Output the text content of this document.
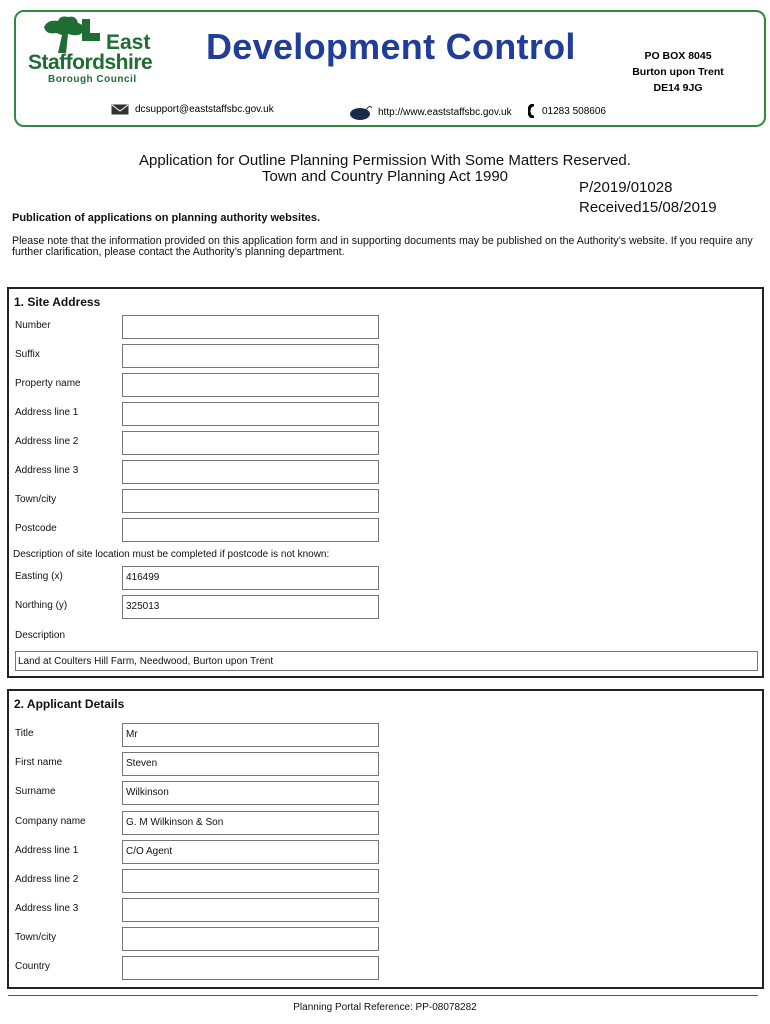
East
Staffordshire
Borough Council
Development Control	PO BOX 8045
Burton upon Trent
DE14 9JG
dcsupport@eaststaffsbc.gov.uk	http://www.eaststaffsbc.gov.uk	01283 508606
Application for Outline Planning Permission With Some Matters Reserved.
Town and Country Planning Act 1990
P/2019/01028
Received15/08/2019
Publication of applications on planning authority websites.
Please note that the information provided on this application form and in supporting documents may be published on the Authority’s website. If you require any further clarification, please contact the Authority’s planning department.
1. Site Address
Number
Suffix
Property name
Address line 1
Address line 2
Address line 3
Town/city
Postcode
Description of site location must be completed if postcode is not known:
Easting (x)	416499
Northing (y)	325013
Description
Land at Coulters Hill Farm, Needwood, Burton upon Trent
2. Applicant Details
Title	Mr
First name	Steven
Surname	Wilkinson
Company name	G. M Wilkinson & Son
Address line 1	C/O Agent
Address line 2
Address line 3
Town/city
Country
Planning Portal Reference: PP-08078282
